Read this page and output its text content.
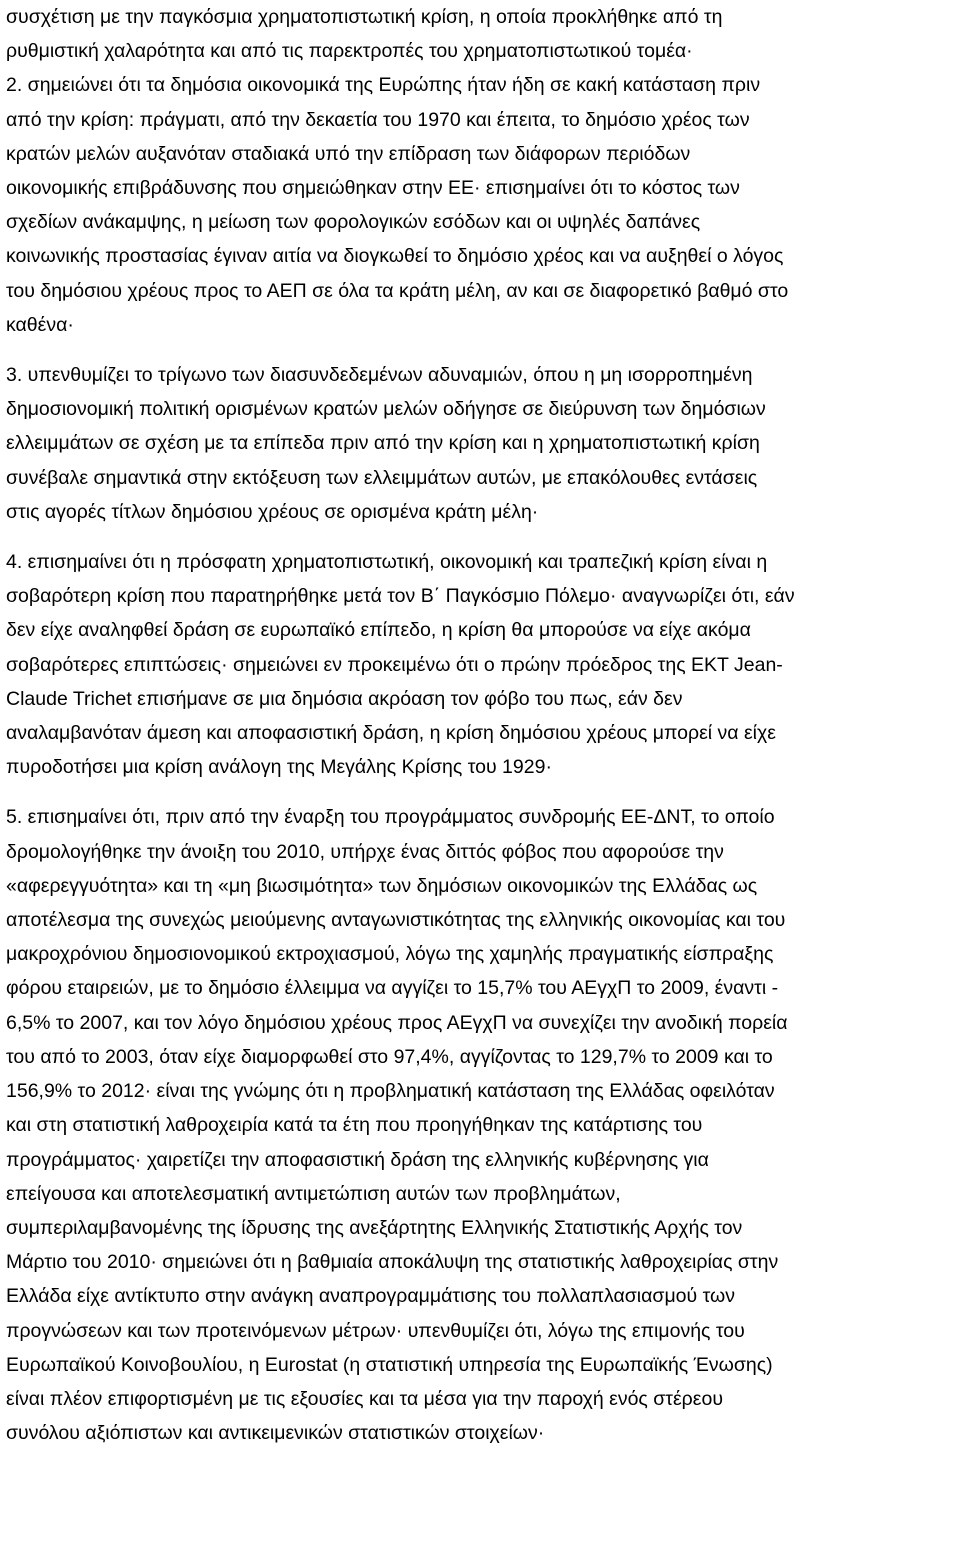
συσχέτιση με την παγκόσμια χρηματοπιστωτική κρίση, η οποία προκλήθηκε από τη
ρυθμιστική χαλαρότητα και από τις παρεκτροπές του χρηματοπιστωτικού τομέα·
2. σημειώνει ότι τα δημόσια οικονομικά της Ευρώπης ήταν ήδη σε κακή κατάσταση πριν
από την κρίση: πράγματι, από την δεκαετία του 1970 και έπειτα, το δημόσιο χρέος των
κρατών μελών αυξανόταν σταδιακά υπό την επίδραση των διάφορων περιόδων
οικονομικής επιβράδυνσης που σημειώθηκαν στην ΕΕ· επισημαίνει ότι το κόστος των
σχεδίων ανάκαμψης, η μείωση των φορολογικών εσόδων και οι υψηλές δαπάνες
κοινωνικής προστασίας έγιναν αιτία να διογκωθεί το δημόσιο χρέος και να αυξηθεί ο λόγος
του δημόσιου χρέους προς το ΑΕΠ σε όλα τα κράτη μέλη, αν και σε διαφορετικό βαθμό στο
καθένα·
3. υπενθυμίζει το τρίγωνο των διασυνδεδεμένων αδυναμιών, όπου η μη ισορροπημένη
δημοσιονομική πολιτική ορισμένων κρατών μελών οδήγησε σε διεύρυνση των δημόσιων
ελλειμμάτων σε σχέση με τα επίπεδα πριν από την κρίση και η χρηματοπιστωτική κρίση
συνέβαλε σημαντικά στην εκτόξευση των ελλειμμάτων αυτών, με επακόλουθες εντάσεις
στις αγορές τίτλων δημόσιου χρέους σε ορισμένα κράτη μέλη·
4. επισημαίνει ότι η πρόσφατη χρηματοπιστωτική, οικονομική και τραπεζική κρίση είναι η
σοβαρότερη κρίση που παρατηρήθηκε μετά τον Β΄ Παγκόσμιο Πόλεμο· αναγνωρίζει ότι, εάν
δεν είχε αναληφθεί δράση σε ευρωπαϊκό επίπεδο, η κρίση θα μπορούσε να είχε ακόμα
σοβαρότερες επιπτώσεις· σημειώνει εν προκειμένω ότι ο πρώην πρόεδρος της ΕΚΤ Jean-
Claude Trichet επισήμανε σε μια δημόσια ακρόαση τον φόβο του πως, εάν δεν
αναλαμβανόταν άμεση και αποφασιστική δράση, η κρίση δημόσιου χρέους μπορεί να είχε
πυροδοτήσει μια κρίση ανάλογη της Μεγάλης Κρίσης του 1929·
5. επισημαίνει ότι, πριν από την έναρξη του προγράμματος συνδρομής ΕΕ-ΔΝΤ, το οποίο
δρομολογήθηκε την άνοιξη του 2010, υπήρχε ένας διττός φόβος που αφορούσε την
«αφερεγγυότητα» και τη «μη βιωσιμότητα» των δημόσιων οικονομικών της Ελλάδας ως
αποτέλεσμα της συνεχώς μειούμενης ανταγωνιστικότητας της ελληνικής οικονομίας και του
μακροχρόνιου δημοσιονομικού εκτροχιασμού, λόγω της χαμηλής πραγματικής είσπραξης
φόρου εταιρειών, με το δημόσιο έλλειμμα να αγγίζει το 15,7% του ΑΕγχΠ το 2009, έναντι -
6,5% το 2007, και τον λόγο δημόσιου χρέους προς ΑΕγχΠ να συνεχίζει την ανοδική πορεία
του από το 2003, όταν είχε διαμορφωθεί στο 97,4%, αγγίζοντας το 129,7% το 2009 και το
156,9% το 2012· είναι της γνώμης ότι η προβληματική κατάσταση της Ελλάδας οφειλόταν
και στη στατιστική λαθροχειρία κατά τα έτη που προηγήθηκαν της κατάρτισης του
προγράμματος· χαιρετίζει την αποφασιστική δράση της ελληνικής κυβέρνησης για
επείγουσα και αποτελεσματική αντιμετώπιση αυτών των προβλημάτων,
συμπεριλαμβανομένης της ίδρυσης της ανεξάρτητης Ελληνικής Στατιστικής Αρχής τον
Μάρτιο του 2010· σημειώνει ότι η βαθμιαία αποκάλυψη της στατιστικής λαθροχειρίας στην
Ελλάδα είχε αντίκτυπο στην ανάγκη αναπρογραμμάτισης του πολλαπλασιασμού των
προγνώσεων και των προτεινόμενων μέτρων· υπενθυμίζει ότι, λόγω της επιμονής του
Ευρωπαϊκού Κοινοβουλίου, η Eurostat (η στατιστική υπηρεσία της Ευρωπαϊκής Ένωσης)
είναι πλέον επιφορτισμένη με τις εξουσίες και τα μέσα για την παροχή ενός στέρεου
συνόλου αξιόπιστων και αντικειμενικών στατιστικών στοιχείων·
